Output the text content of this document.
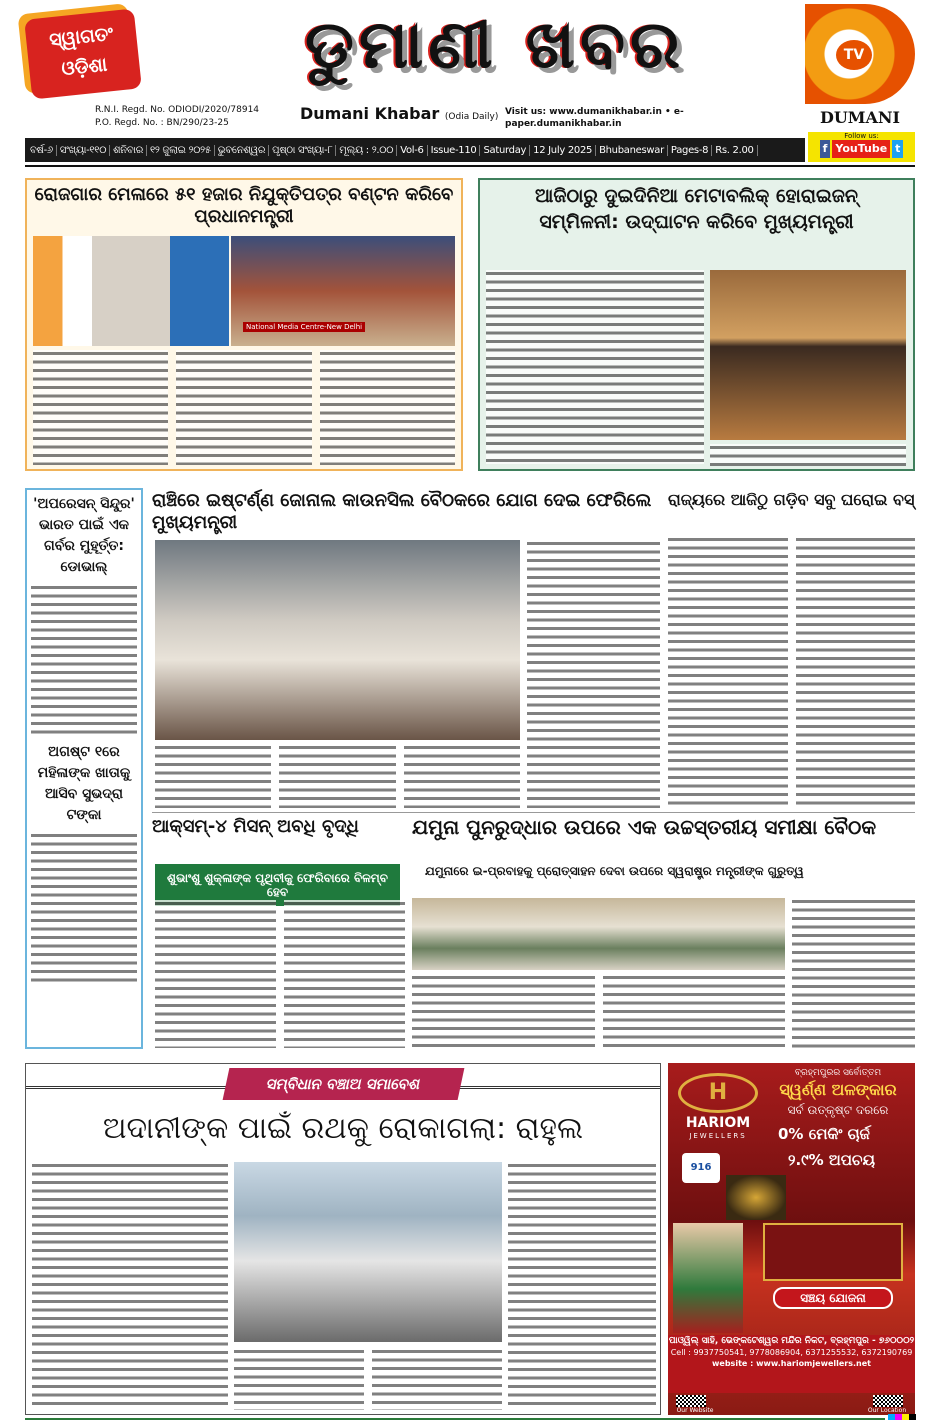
ସ୍ୱାଗତଂ ଓଡ଼ିଶା	ଡୁମାଣୀ ଖବର
R.N.I. Regd. No. ODIODI/2020/78914
P.O. Regd. No. : BN/290/23-25	Dumani Khabar (Odia Daily) Visit us: www.dumanikhabar.in • e-paper.dumanikhabar.in
TV
DUMANI
ବର୍ଷ-୬ ସଂଖ୍ୟା-୧୧୦ ଶନିବାର ୧୨ ଜୁଲାଇ ୨୦୨୫ ଭୁବନେଶ୍ୱର ପୃଷ୍ଠା ସଂଖ୍ୟା-୮ ମୂଲ୍ୟ : ୨.୦୦ Vol-6 Issue-110 Saturday 12 July 2025 Bhubaneswar Pages-8 Rs. 2.00
Follow us:
f YouTube t
ରୋଜଗାର ମେଳାରେ ୫୧ ହଜାର ନିଯୁକ୍ତିପତ୍ର ବଣ୍ଟନ କରିବେ ପ୍ରଧାନମନ୍ତ୍ରୀ
National Media Centre-New Delhi
ଆଜିଠାରୁ ଦୁଇଦିନିଆ ମେଟାବଲିକ୍ ହୋରାଇଜନ୍
ସମ୍ମିଳନୀ: ଉଦ୍‌ଘାଟନ କରିବେ ମୁଖ୍ୟମନ୍ତ୍ରୀ
'ଅପରେସନ୍ ସିନ୍ଦୁର' ଭାରତ ପାଇଁ ଏକ ଗର୍ବର ମୁହୂର୍ତ୍ତ: ଡୋଭାଲ୍
ଅଗଷ୍ଟ ୧ରେ ମହିଳାଙ୍କ ଖାତାକୁ ଆସିବ ସୁଭଦ୍ରା ଟଙ୍କା
ରାଞ୍ଚିରେ ଇଷ୍ଟର୍ଣ୍ଣ ଜୋନାଲ କାଉନସିଲ ବୈଠକରେ ଯୋଗ ଦେଇ ଫେରିଲେ ମୁଖ୍ୟମନ୍ତ୍ରୀ
ରାଜ୍ୟରେ ଆଜିଠୁ ଗଡ଼ିବ ସବୁ ଘରୋଇ ବସ୍
ଆକ୍ସମ୍-୪ ମିସନ୍ ଅବଧି ବୃଦ୍ଧି
ଶୁଭାଂଶୁ ଶୁକ୍ଳାଙ୍କ ପୃଥିବୀକୁ ଫେରିବାରେ ବିଳମ୍ବ ହେବ
ଯମୁନା ପୁନରୁଦ୍ଧାର ଉପରେ ଏକ ଉଚ୍ଚସ୍ତରୀୟ ସମୀକ୍ଷା ବୈଠକ
ଯମୁନାରେ ଇ-ପ୍ରବାହକୁ ପ୍ରୋତ୍ସାହନ ଦେବା ଉପରେ ସ୍ୱରାଷ୍ଟ୍ର ମନ୍ତ୍ରୀଙ୍କ ଗୁରୁତ୍ୱ
ସମ୍ବିଧାନ ବଞ୍ଚାଅ ସମାବେଶ
ଅଦାନୀଙ୍କ ପାଇଁ ରଥକୁ ରୋକାଗଲା: ରାହୁଲ
H
HARIOM
JEWELLERS
916
ବ୍ରହ୍ମପୁରର ସର୍ବୋତ୍ତମ
ସ୍ୱର୍ଣ୍ଣ ଅଳଙ୍କାର
ସର୍ବ ଉତ୍କୃଷ୍ଟ ଦରରେ
0% ମେକିଂ ଚାର୍ଜ
୨.୯% ଅପଚୟ
ସଞ୍ଚୟ ଯୋଜନା
ପାଓ୍ୱିଲ୍ ସାହି, ଭେଙ୍କଟେଶ୍ୱର ମନ୍ଦିର ନିକଟ, ବ୍ରହ୍ମପୁର - ୭୬୦୦୦୨
Cell : 9937750541, 9778086904, 6371255532, 6372190769
website : www.hariomjewellers.net
Our Website	Our Location
